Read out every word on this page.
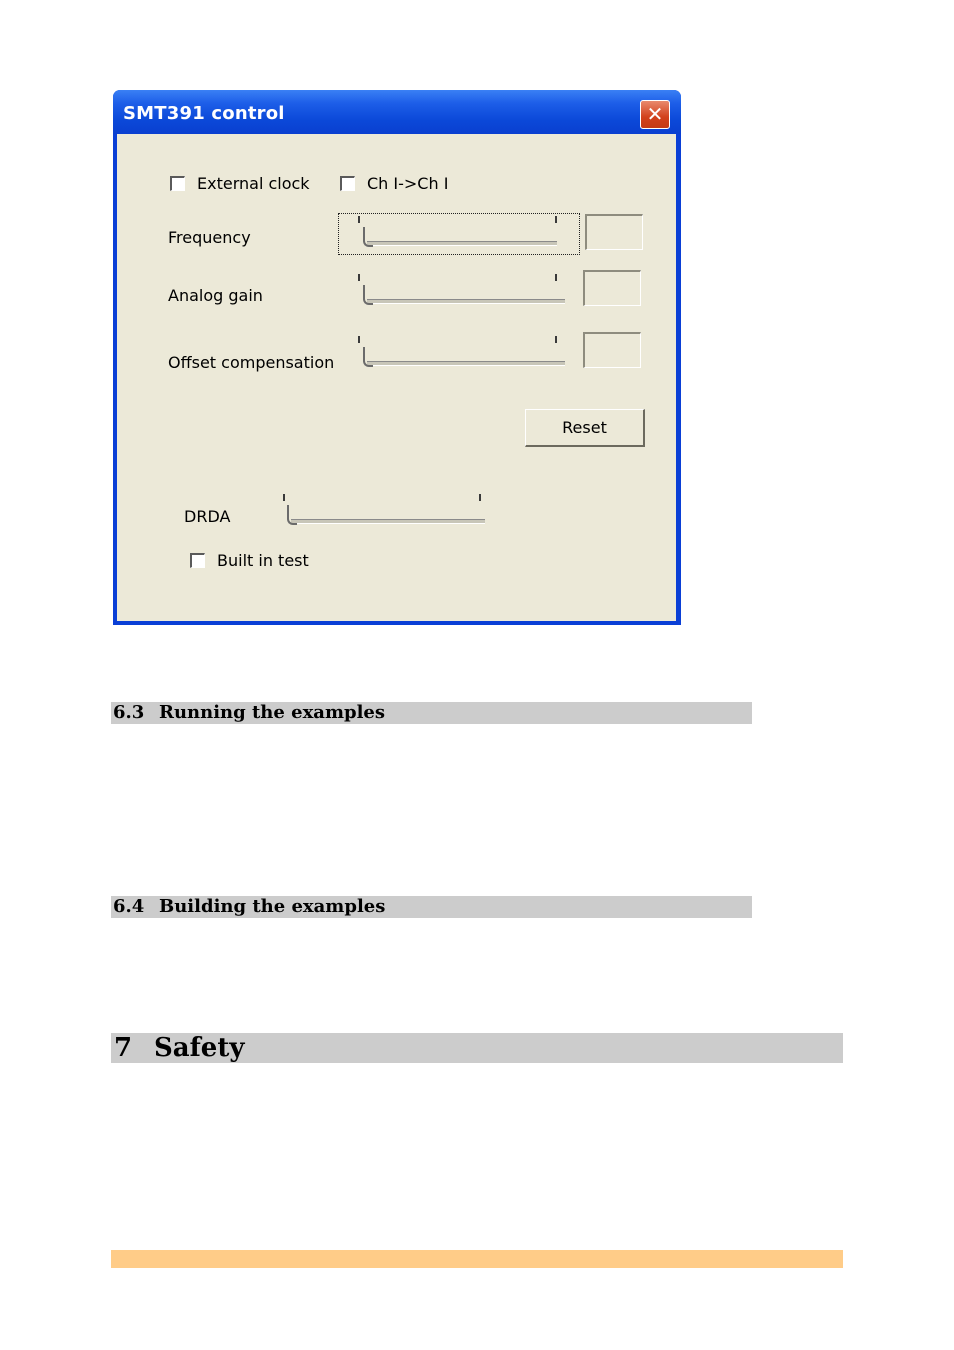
SMT391 control	✕
External clock	Ch I->Ch I
Frequency
Analog gain
Offset compensation
Reset
DRDA
Built in test
6.3 Running the examples
6.4 Building the examples
7 Safety
